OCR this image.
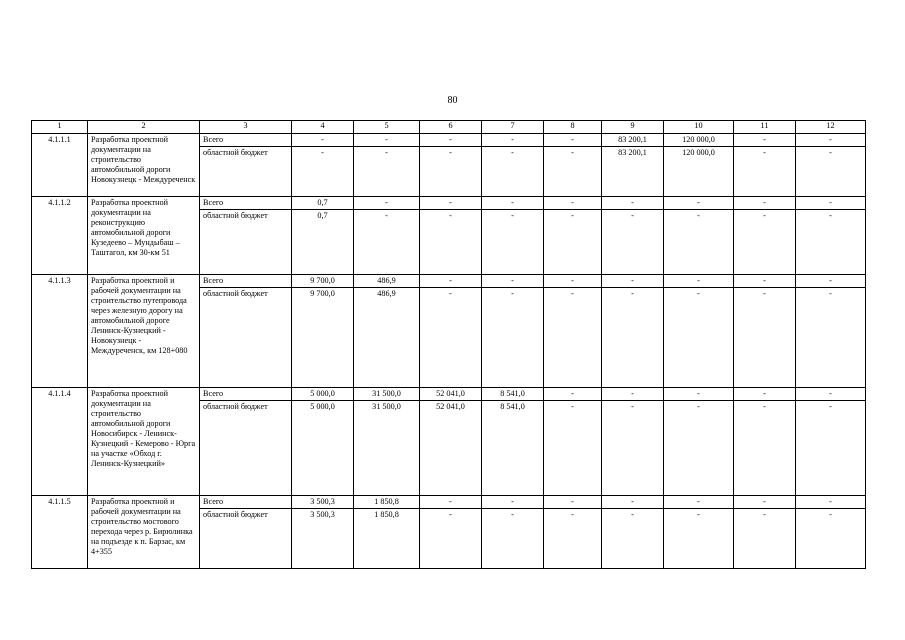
80
1	2	3	4	5	6	7	8	9	10	11	12
4.1.1.1	Разработка проектной документации на строительство автомобильной дороги Новокузнецк - Междуреченск	Всего	-	-	-	-	-	83 200,1	120 000,0	-	-
		областной бюджет	-	-	-	-	-	83 200,1	120 000,0	-	-
4.1.1.2	Разработка проектной документации на реконструкцию автомобильной дороги Кузедеево – Мундыбаш – Таштагол, км 30-км 51	Всего	0,7	-	-	-	-	-	-	-	-
		областной бюджет	0,7	-	-	-	-	-	-	-	-
4.1.1.3	Разработка проектной и рабочей документации на строительство путепровода через железную дорогу на автомобильной дороге Ленинск-Кузнецкий - Новокузнецк - Междуреченск, км 128+080	Всего	9 700,0	486,9	-	-	-	-	-	-	-
		областной бюджет	9 700,0	486,9	-	-	-	-	-	-	-
4.1.1.4	Разработка проектной документации на строительство автомобильной дороги Новосибирск - Ленинск-Кузнецкий - Кемерово - Юрга на участке «Обход г. Ленинск-Кузнецкий»	Всего	5 000,0	31 500,0	52 041,0	8 541,0	-	-	-	-	-
		областной бюджет	5 000,0	31 500,0	52 041,0	8 541,0	-	-	-	-	-
4.1.1.5	Разработка проектной и рабочей документации на строительство мостового перехода через р. Бирюлинка на подъезде к п. Барзас, км 4+355	Всего	3 500,3	1 850,8	-	-	-	-	-	-	-
		областной бюджет	3 500,3	1 850,8	-	-	-	-	-	-	-
